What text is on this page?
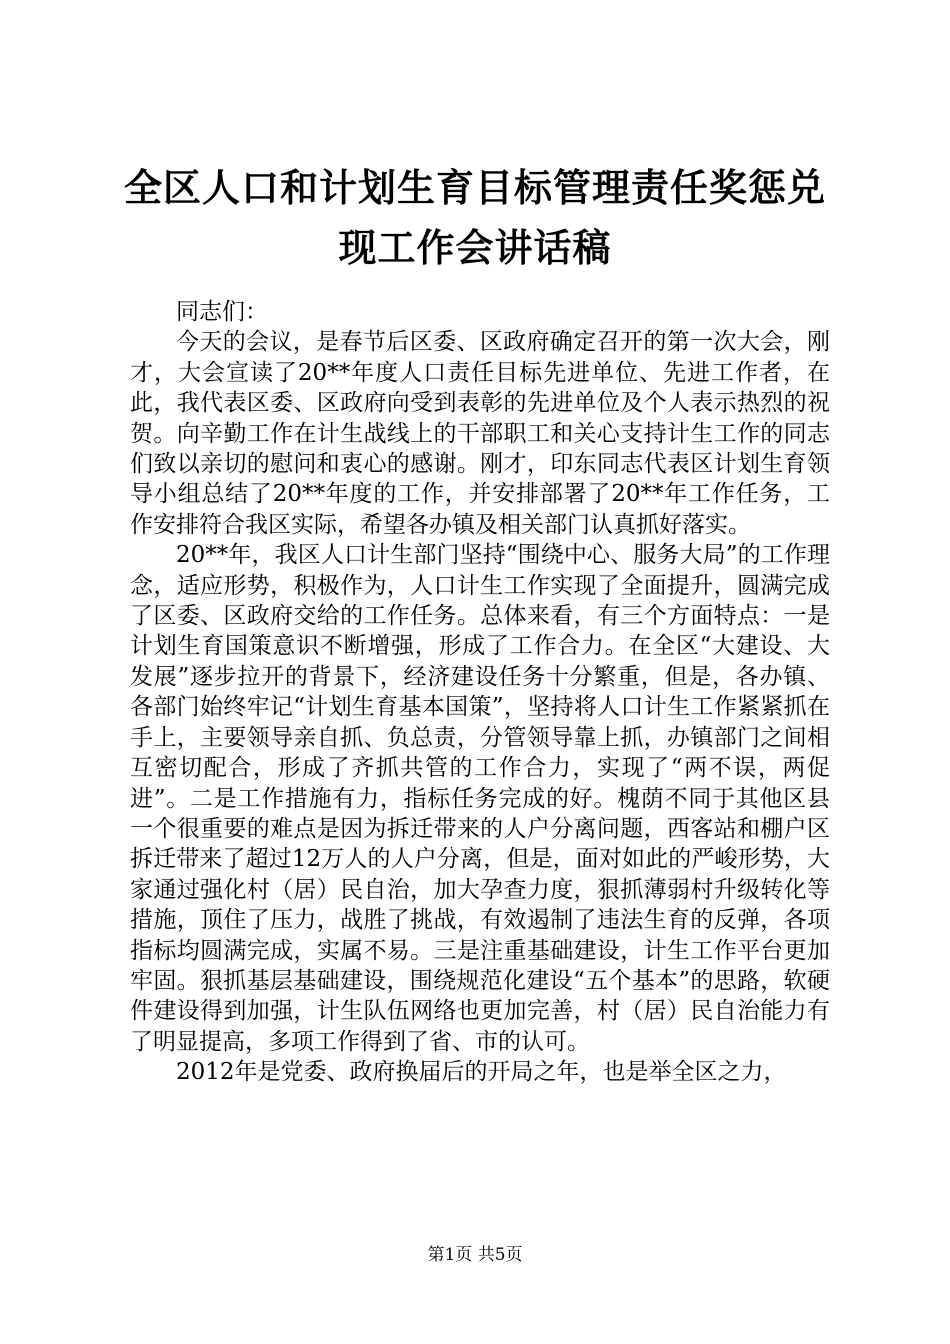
全区人口和计划生育目标管理责任奖惩兑现工作会讲话稿

同志们：

今天的会议，是春节后区委、区政府确定召开的第一次大会，刚才，大会宣读了20**年度人口责任目标先进单位、先进工作者，在此，我代表区委、区政府向受到表彰的先进单位及个人表示热烈的祝贺。向辛勤工作在计生战线上的干部职工和关心支持计生工作的同志们致以亲切的慰问和衷心的感谢。刚才，印东同志代表区计划生育领导小组总结了20**年度的工作，并安排部署了20**年工作任务，工作安排符合我区实际，希望各办镇及相关部门认真抓好落实。

20**年，我区人口计生部门坚持“围绕中心、服务大局”的工作理念，适应形势，积极作为，人口计生工作实现了全面提升，圆满完成了区委、区政府交给的工作任务。总体来看，有三个方面特点：一是计划生育国策意识不断增强，形成了工作合力。在全区“大建设、大发展”逐步拉开的背景下，经济建设任务十分繁重，但是，各办镇、各部门始终牢记“计划生育基本国策”，坚持将人口计生工作紧紧抓在手上，主要领导亲自抓、负总责，分管领导靠上抓，办镇部门之间相互密切配合，形成了齐抓共管的工作合力，实现了“两不误，两促进”。二是工作措施有力，指标任务完成的好。槐荫不同于其他区县一个很重要的难点是因为拆迁带来的人户分离问题，西客站和棚户区拆迁带来了超过12万人的人户分离，但是，面对如此的严峻形势，大家通过强化村（居）民自治，加大孕查力度，狠抓薄弱村升级转化等措施，顶住了压力，战胜了挑战，有效遏制了违法生育的反弹，各项指标均圆满完成，实属不易。三是注重基础建设，计生工作平台更加牢固。狠抓基层基础建设，围绕规范化建设“五个基本”的思路，软硬件建设得到加强，计生队伍网络也更加完善，村（居）民自治能力有了明显提高，多项工作得到了省、市的认可。

2012年是党委、政府换届后的开局之年，也是举全区之力，

第1页 共5页
